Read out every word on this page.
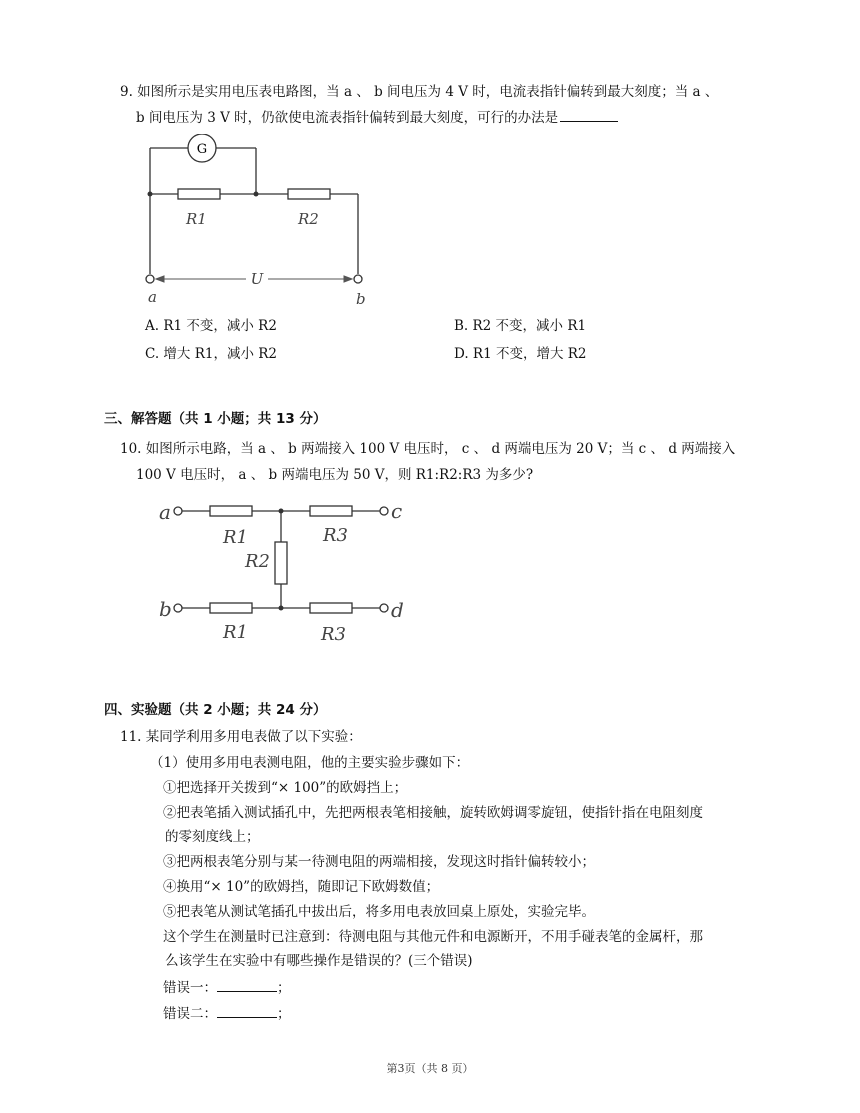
9. 如图所示是实用电压表电路图，当 a 、 b 间电压为 4 V 时，电流表指针偏转到最大刻度；当 a 、
b 间电压为 3 V 时，仍欲使电流表指针偏转到最大刻度，可行的办法是
G
R1	R2
U
a	b
A. R1 不变，减小 R2	B. R2 不变，减小 R1
C. 增大 R1，减小 R2	D. R1 不变，增大 R2
三、解答题（共 1 小题；共 13 分）
10. 如图所示电路，当 a 、 b 两端接入 100 V 电压时， c 、 d 两端电压为 20 V；当 c 、 d 两端接入
100 V 电压时， a 、 b 两端电压为 50 V，则 R1:R2:R3 为多少?
a
b
c
d
R1	R3
R2
R1	R3
四、实验题（共 2 小题；共 24 分）
11. 某同学利用多用电表做了以下实验：
（1）使用多用电表测电阻，他的主要实验步骤如下：
①把选择开关拨到“× 100”的欧姆挡上；
②把表笔插入测试插孔中，先把两根表笔相接触，旋转欧姆调零旋钮，使指针指在电阻刻度
的零刻度线上；
③把两根表笔分别与某一待测电阻的两端相接，发现这时指针偏转较小；
④换用“× 10”的欧姆挡，随即记下欧姆数值；
⑤把表笔从测试笔插孔中拔出后，将多用电表放回桌上原处，实验完毕。
这个学生在测量时已注意到：待测电阻与其他元件和电源断开，不用手碰表笔的金属杆，那
么该学生在实验中有哪些操作是错误的？(三个错误)
错误一：	；
错误二：	；
第3页（共 8 页）
